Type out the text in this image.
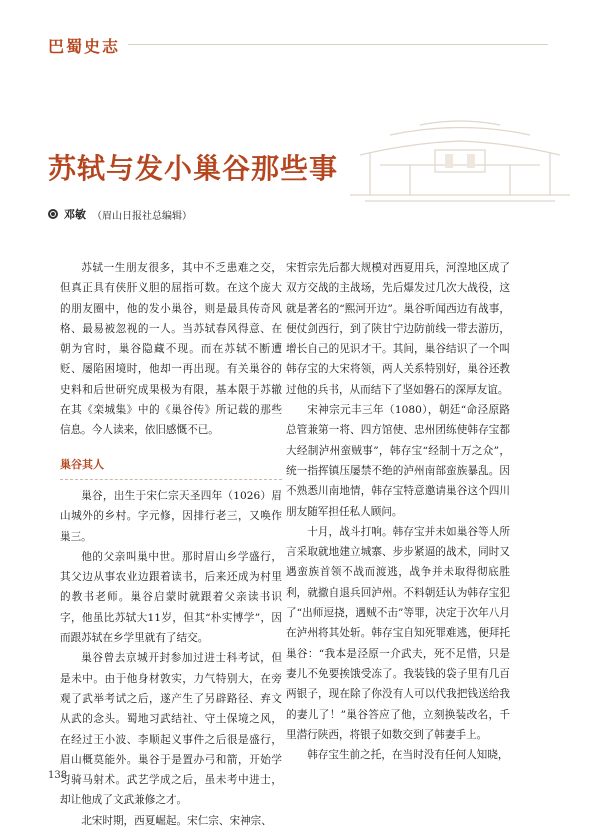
巴蜀史志
苏轼与发小巢谷那些事
邓敏 （眉山日报社总编辑）

苏轼一生朋友很多，其中不乏患难之交，但真正具有侠肝义胆的屈指可数。在这个庞大的朋友圈中，他的发小巢谷，则是最具传奇风格、最易被忽视的一人。当苏轼春风得意、在朝为官时，巢谷隐藏不现。而在苏轼不断遭贬、屡陷困境时，他却一再出现。有关巢谷的史料和后世研究成果极为有限，基本限于苏辙在其《栾城集》中的《巢谷传》所记载的那些信息。今人读来，依旧感慨不已。

巢谷其人

巢谷，出生于宋仁宗天圣四年（1026）眉山城外的乡村。字元修，因排行老三，又唤作巢三。

他的父亲叫巢中世。那时眉山乡学盛行，其父边从事农业边跟着读书，后来还成为村里的教书老师。巢谷启蒙时就跟着父亲读书识字，他虽比苏轼大11岁，但其“朴实博学”，因而跟苏轼在乡学里就有了结交。

巢谷曾去京城开封参加过进士科考试，但是未中。由于他身材敦实，力气特别大，在旁观了武举考试之后，遂产生了另辟路径、弃文从武的念头。蜀地习武结社、守土保境之风，在经过王小波、李顺起义事件之后很是盛行，眉山概莫能外。巢谷于是置办弓和箭，开始学习骑马射术。武艺学成之后，虽未考中进士，却让他成了文武兼修之才。

北宋时期，西夏崛起。宋仁宗、宋神宗、

宋哲宗先后都大规模对西夏用兵，河湟地区成了双方交战的主战场，先后爆发过几次大战役，这就是著名的“熙河开边”。巢谷听闻西边有战事，便仗剑西行，到了陕甘宁边防前线一带去游历，增长自己的见识才干。其间，巢谷结识了一个叫韩存宝的大宋将领，两人关系特别好，巢谷还教过他的兵书，从而结下了坚如磐石的深厚友谊。

宋神宗元丰三年（1080），朝廷“命泾原路总管兼第一将、四方馆使、忠州团练使韩存宝都大经制泸州蛮贼事”，韩存宝“经制十万之众”，统一指挥镇压屡禁不绝的泸州南部蛮族暴乱。因不熟悉川南地情，韩存宝特意邀请巢谷这个四川朋友随军担任私人顾问。

十月，战斗打响。韩存宝并未如巢谷等人所言采取就地建立城寨、步步紧逼的战术，同时又遇蛮族首领不战而渡逃，战争并未取得彻底胜利，就撤自退兵回泸州。不料朝廷认为韩存宝犯了“出师逗挠，遇贼不击”等罪，决定于次年八月在泸州将其处斩。韩存宝自知死罪难逃，便拜托巢谷：“我本是泾原一介武夫，死不足惜，只是妻儿不免要挨饿受冻了。我装钱的袋子里有几百两银子，现在除了你没有人可以代我把钱送给我的妻儿了！”巢谷答应了他，立刻换装改名，千里潜行陕西，将银子如数交到了韩妻手上。

韩存宝生前之托，在当时没有任何人知晓，

138
